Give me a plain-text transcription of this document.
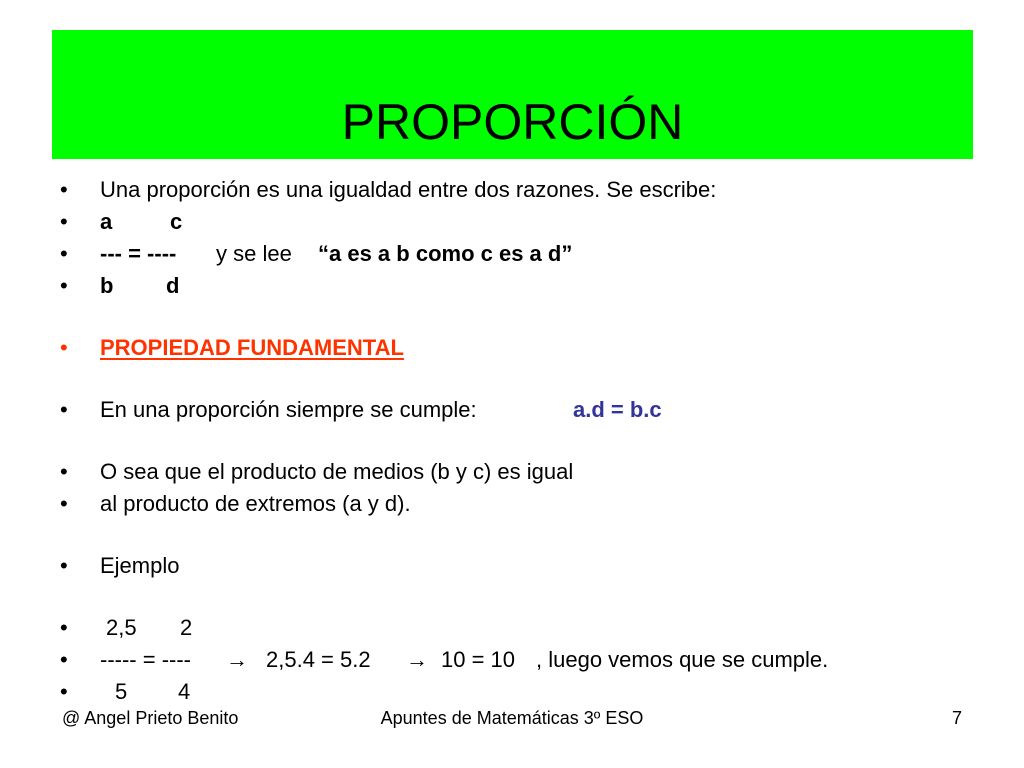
PROPORCIÓN
•	Una proporción es una igualdad entre dos razones. Se escribe:
•	a	c
•	--- = ---- y se lee “a es a b como c es a d”
•	b d
•	PROPIEDAD FUNDAMENTAL
•	En una proporción siempre se cumple:	a.d = b.c
•	O sea que el producto de medios (b y c) es igual
•	al producto de extremos (a y d).
•	Ejemplo
•	2,5 2
•	----- = ---- → 2,5.4 = 5.2 → 10 = 10 , luego vemos que se cumple.
•	5 4
@ Angel Prieto Benito	Apuntes de Matemáticas 3º ESO	7
